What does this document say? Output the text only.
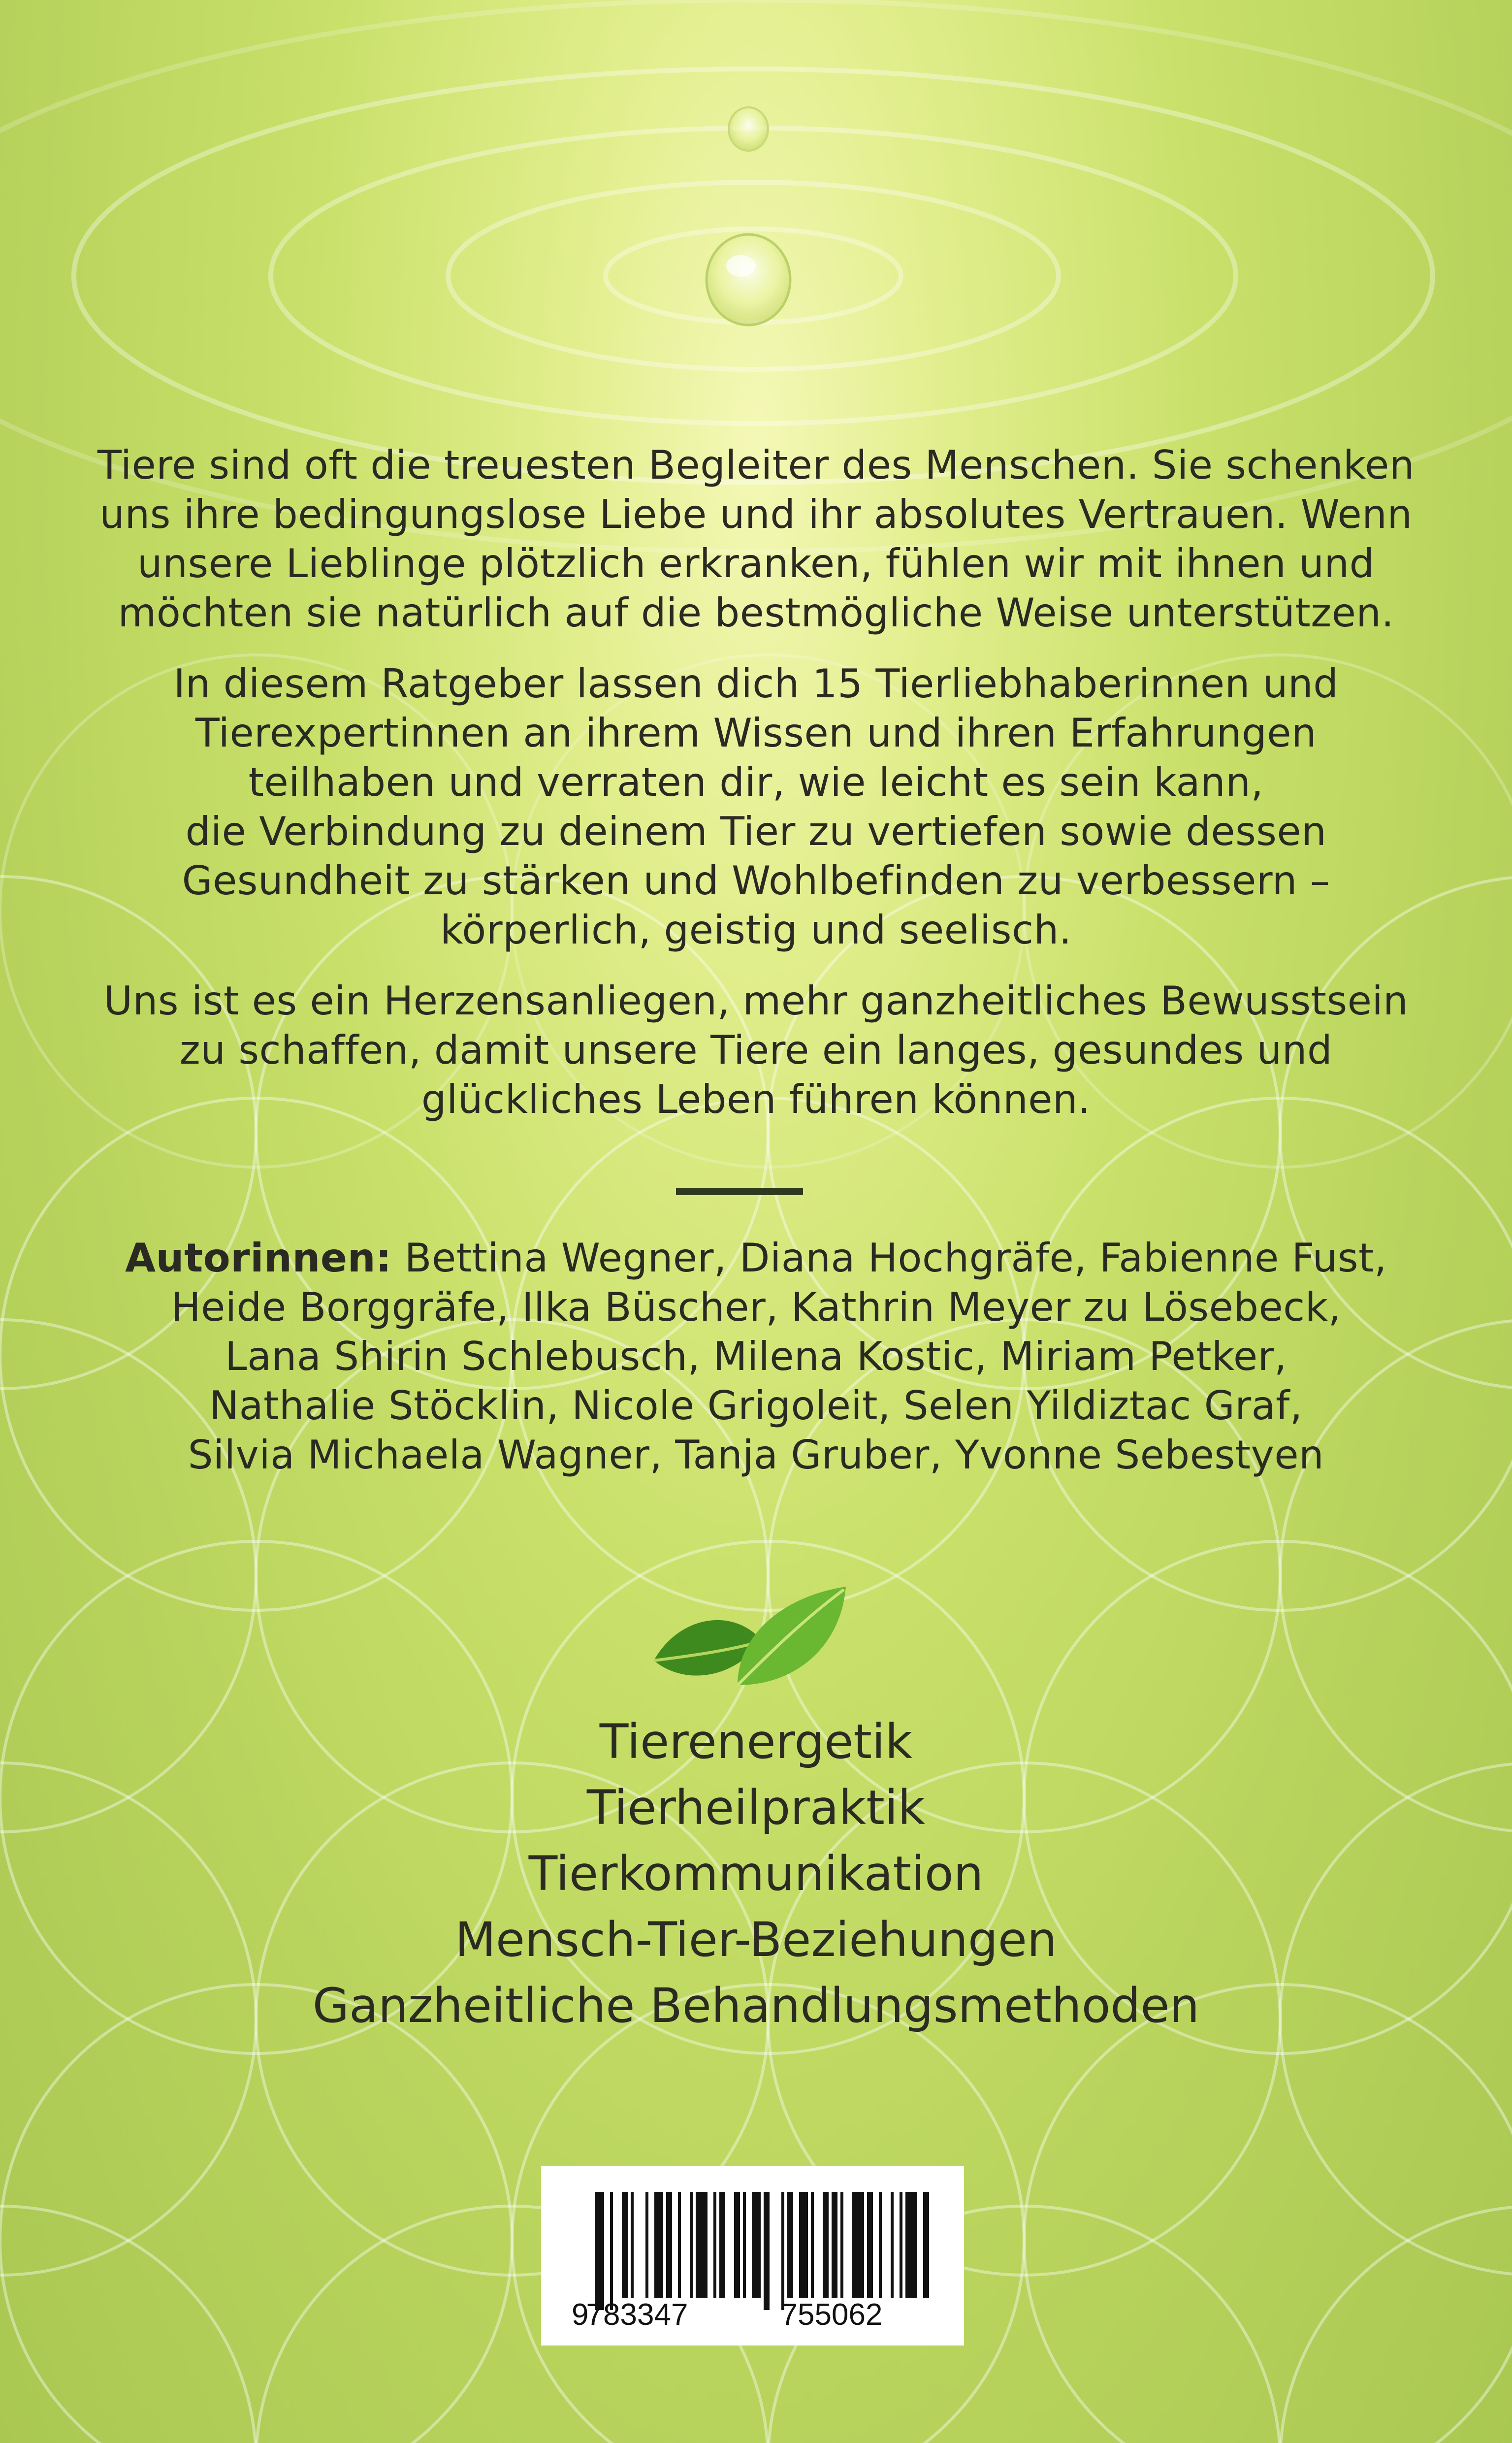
Tiere sind oft die treuesten Begleiter des Menschen. Sie schenken
uns ihre bedingungslose Liebe und ihr absolutes Vertrauen. Wenn
unsere Lieblinge plötzlich erkranken, fühlen wir mit ihnen und
möchten sie natürlich auf die bestmögliche Weise unterstützen.

In diesem Ratgeber lassen dich 15 Tierliebhaberinnen und
Tierexpertinnen an ihrem Wissen und ihren Erfahrungen
teilhaben und verraten dir, wie leicht es sein kann,
die Verbindung zu deinem Tier zu vertiefen sowie dessen
Gesundheit zu stärken und Wohlbefinden zu verbessern –
körperlich, geistig und seelisch.

Uns ist es ein Herzensanliegen, mehr ganzheitliches Bewusstsein
zu schaffen, damit unsere Tiere ein langes, gesundes und
glückliches Leben führen können.

Autorinnen: Bettina Wegner, Diana Hochgräfe, Fabienne Fust,
Heide Borggräfe, Ilka Büscher, Kathrin Meyer zu Lösebeck,
Lana Shirin Schlebusch, Milena Kostic, Miriam Petker,
Nathalie Stöcklin, Nicole Grigoleit, Selen Yildiztac Graf,
Silvia Michaela Wagner, Tanja Gruber, Yvonne Sebestyen

Tierenergetik

Tierheilpraktik

Tierkommunikation

Mensch-Tier-Beziehungen

Ganzheitliche Behandlungsmethoden

9
783347	755062
